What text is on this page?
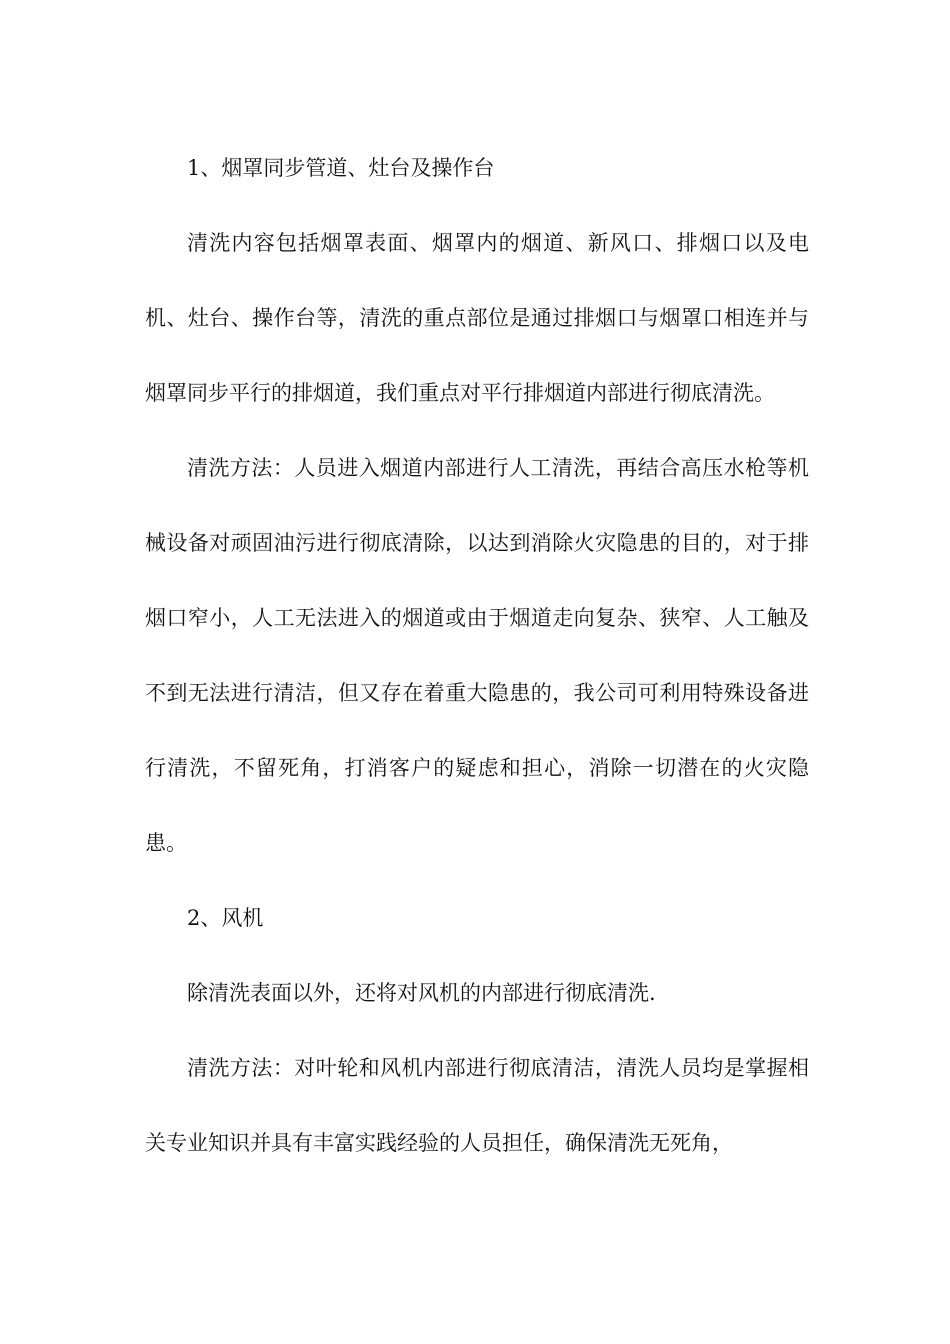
1、烟罩同步管道、灶台及操作台

清洗内容包括烟罩表面、烟罩内的烟道、新风口、排烟口以及电机、灶台、操作台等，清洗的重点部位是通过排烟口与烟罩口相连并与烟罩同步平行的排烟道，我们重点对平行排烟道内部进行彻底清洗。

清洗方法：人员进入烟道内部进行人工清洗，再结合高压水枪等机械设备对顽固油污进行彻底清除，以达到消除火灾隐患的目的，对于排烟口窄小，人工无法进入的烟道或由于烟道走向复杂、狭窄、人工触及不到无法进行清洁，但又存在着重大隐患的，我公司可利用特殊设备进行清洗，不留死角，打消客户的疑虑和担心，消除一切潜在的火灾隐患。

2、风机

除清洗表面以外，还将对风机的内部进行彻底清洗.

清洗方法：对叶轮和风机内部进行彻底清洁，清洗人员均是掌握相关专业知识并具有丰富实践经验的人员担任，确保清洗无死角，
